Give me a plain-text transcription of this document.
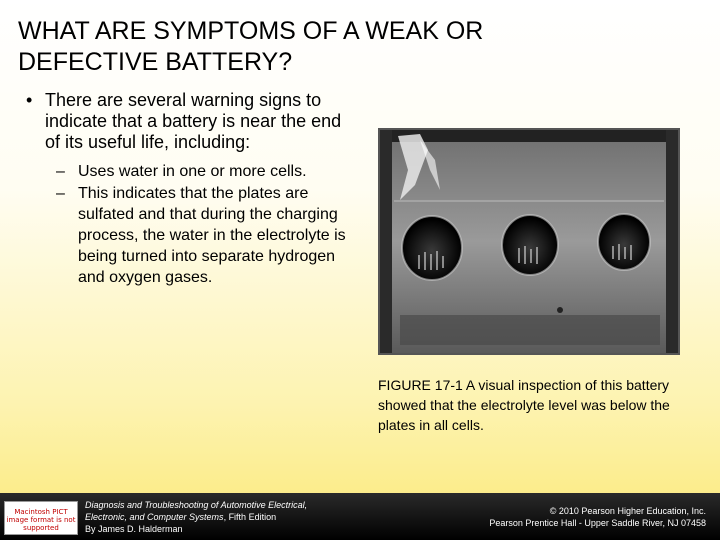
WHAT ARE SYMPTOMS OF A WEAK OR DEFECTIVE BATTERY?
• There are several warning signs to indicate that a battery is near the end of its useful life, including:
– Uses water in one or more cells.
– This indicates that the plates are sulfated and that during the charging process, the water in the electrolyte is being turned into separate hydrogen and oxygen gases.
FIGURE 17-1 A visual inspection of this battery showed that the electrolyte level was below the plates in all cells.
Macintosh PICT image format is not supported
Diagnosis and Troubleshooting of Automotive Electrical,
Electronic, and Computer Systems, Fifth Edition
By James D. Halderman
© 2010 Pearson Higher Education, Inc.
Pearson Prentice Hall - Upper Saddle River, NJ 07458
